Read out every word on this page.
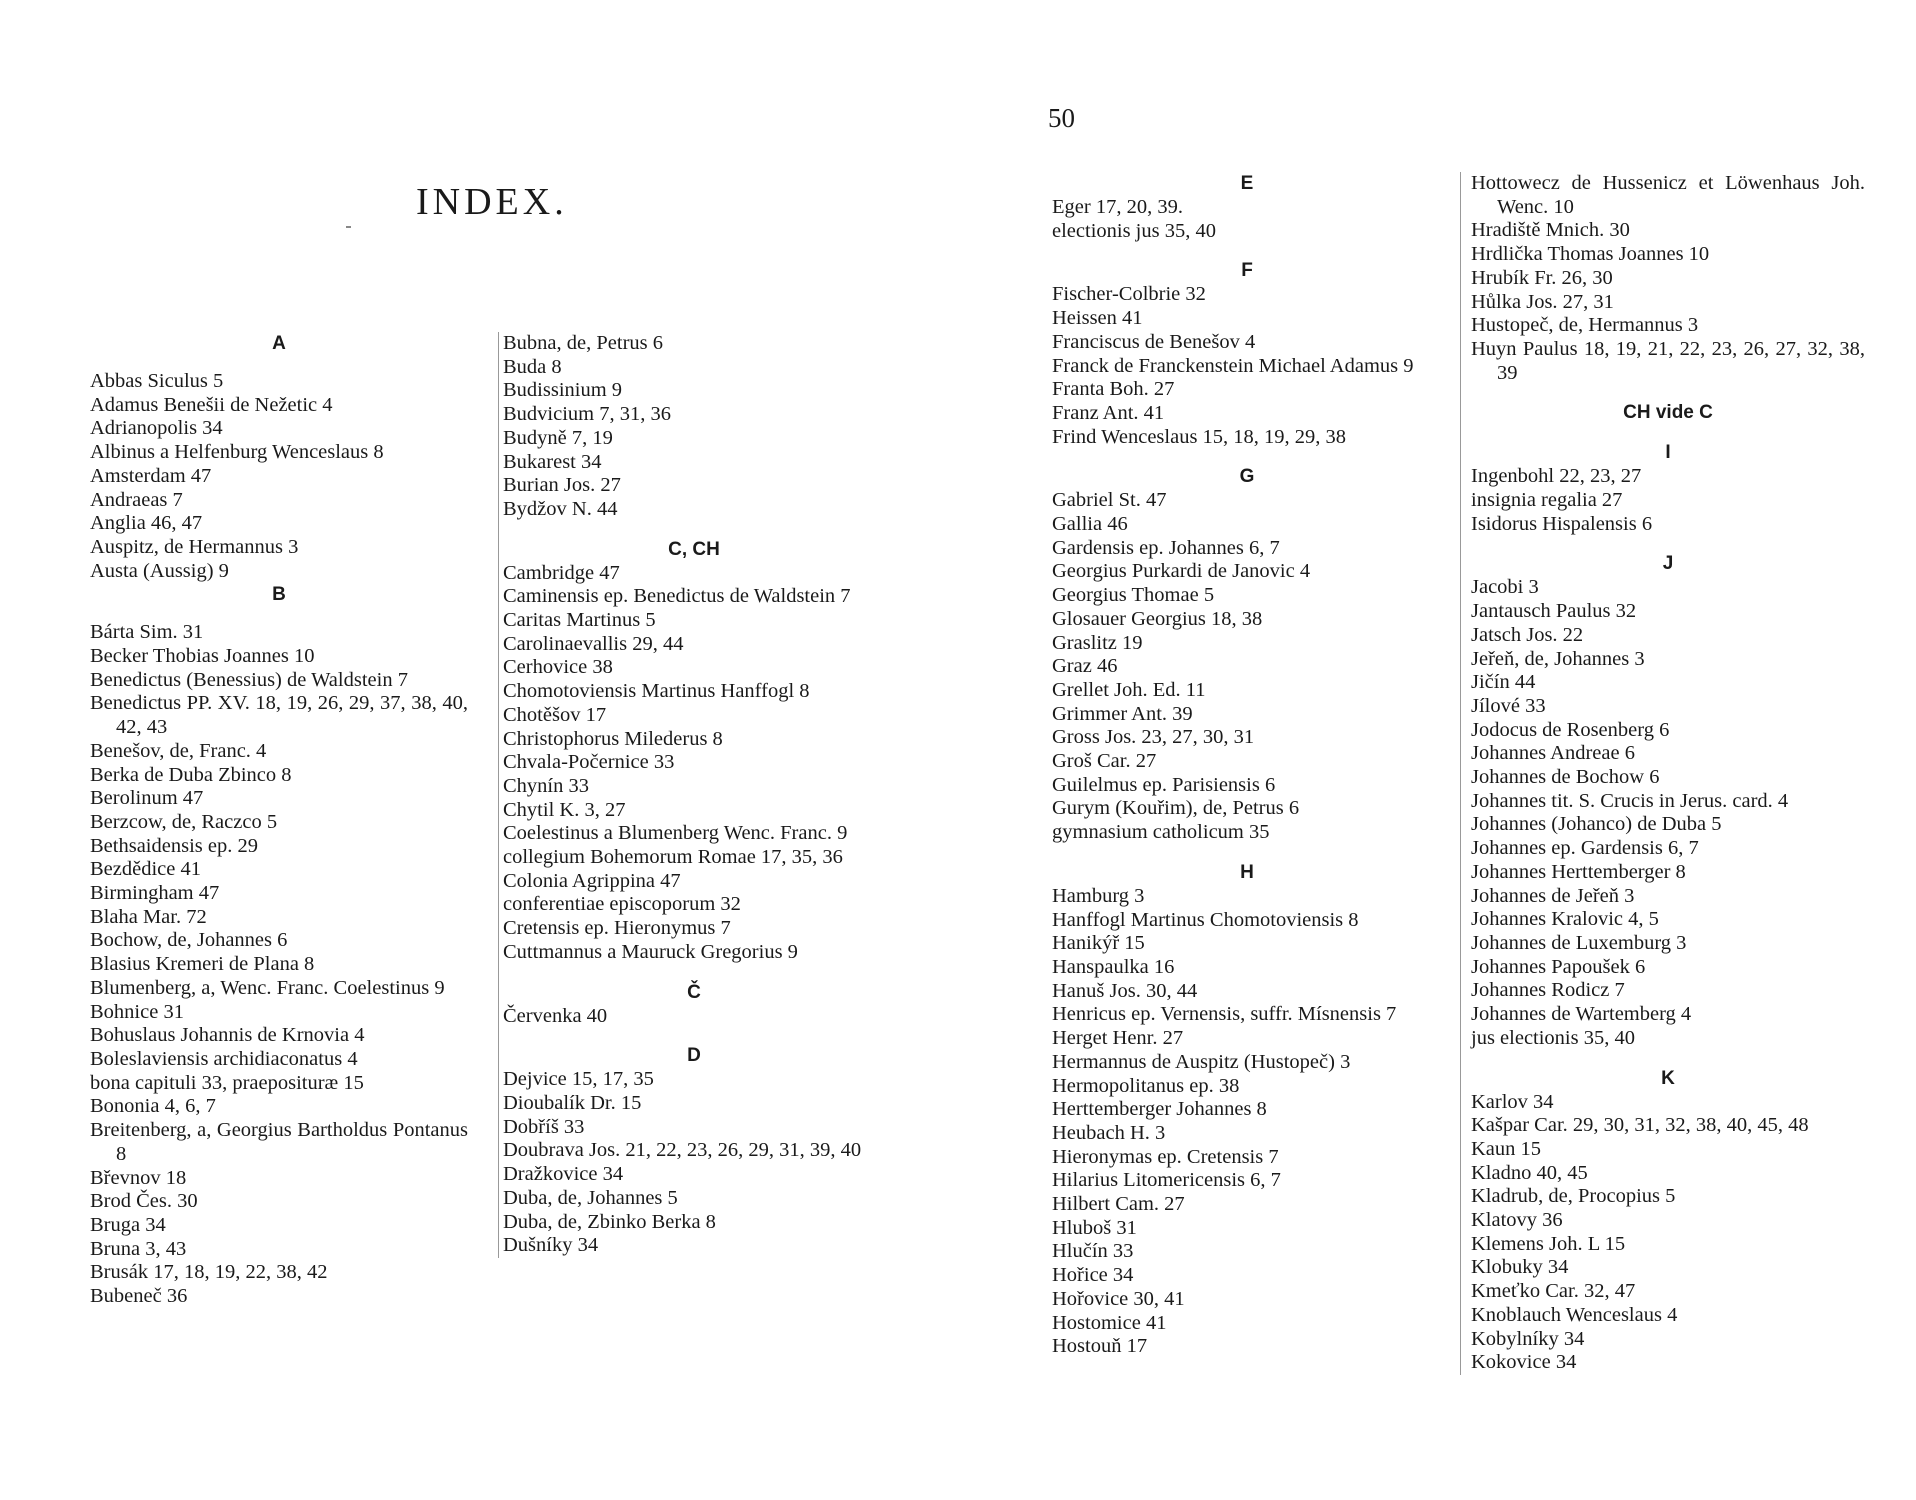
50
INDEX.
A
Abbas Siculus 5
Adamus Benešii de Nežetic 4
Adrianopolis 34
Albinus a Helfenburg Wenceslaus 8
Amsterdam 47
Andraeas 7
Anglia 46, 47
Auspitz, de Hermannus 3
Austa (Aussig) 9
B
Bárta Sim. 31
Becker Thobias Joannes 10
Benedictus (Benessius) de Waldstein 7
Benedictus PP. XV. 18, 19, 26, 29, 37, 38, 40, 42, 43
Benešov, de, Franc. 4
Berka de Duba Zbinco 8
Berolinum 47
Berzcow, de, Raczco 5
Bethsaidensis ep. 29
Bezdědice 41
Birmingham 47
Blaha Mar. 72
Bochow, de, Johannes 6
Blasius Kremeri de Plana 8
Blumenberg, a, Wenc. Franc. Coelestinus 9
Bohnice 31
Bohuslaus Johannis de Krnovia 4
Boleslaviensis archidiaconatus 4
bona capituli 33, praeposituræ 15
Bononia 4, 6, 7
Breitenberg, a, Georgius Bartholdus Pontanus 8
Břevnov 18
Brod Čes. 30
Bruga 34
Bruna 3, 43
Brusák 17, 18, 19, 22, 38, 42
Bubeneč 36
Bubna, de, Petrus 6
Buda 8
Budissinium 9
Budvicium 7, 31, 36
Budyně 7, 19
Bukarest 34
Burian Jos. 27
Bydžov N. 44
C, CH
Cambridge 47
Caminensis ep. Benedictus de Waldstein 7
Caritas Martinus 5
Carolinaevallis 29, 44
Cerhovice 38
Chomotoviensis Martinus Hanffogl 8
Chotěšov 17
Christophorus Milederus 8
Chvala-Počernice 33
Chynín 33
Chytil K. 3, 27
Coelestinus a Blumenberg Wenc. Franc. 9
collegium Bohemorum Romae 17, 35, 36
Colonia Agrippina 47
conferentiae episcoporum 32
Cretensis ep. Hieronymus 7
Cuttmannus a Mauruck Gregorius 9
Č
Červenka 40
D
Dejvice 15, 17, 35
Dioubalík Dr. 15
Dobříš 33
Doubrava Jos. 21, 22, 23, 26, 29, 31, 39, 40
Dražkovice 34
Duba, de, Johannes 5
Duba, de, Zbinko Berka 8
Dušníky 34
E
Eger 17, 20, 39.
electionis jus 35, 40
F
Fischer-Colbrie 32
Heissen 41
Franciscus de Benešov 4
Franck de Franckenstein Michael Adamus 9
Franta Boh. 27
Franz Ant. 41
Frind Wenceslaus 15, 18, 19, 29, 38
G
Gabriel St. 47
Gallia 46
Gardensis ep. Johannes 6, 7
Georgius Purkardi de Janovic 4
Georgius Thomae 5
Glosauer Georgius 18, 38
Graslitz 19
Graz 46
Grellet Joh. Ed. 11
Grimmer Ant. 39
Gross Jos. 23, 27, 30, 31
Groš Car. 27
Guilelmus ep. Parisiensis 6
Gurym (Kouřim), de, Petrus 6
gymnasium catholicum 35
H
Hamburg 3
Hanffogl Martinus Chomotoviensis 8
Hanikýř 15
Hanspaulka 16
Hanuš Jos. 30, 44
Henricus ep. Vernensis, suffr. Mísnensis 7
Herget Henr. 27
Hermannus de Auspitz (Hustopeč) 3
Hermopolitanus ep. 38
Herttemberger Johannes 8
Heubach H. 3
Hieronymas ep. Cretensis 7
Hilarius Litomericensis 6, 7
Hilbert Cam. 27
Hluboš 31
Hlučín 33
Hořice 34
Hořovice 30, 41
Hostomice 41
Hostouň 17
Hottowecz de Hussenicz et Löwenhaus Joh. Wenc. 10
Hradiště Mnich. 30
Hrdlička Thomas Joannes 10
Hrubík Fr. 26, 30
Hůlka Jos. 27, 31
Hustopeč, de, Hermannus 3
Huyn Paulus 18, 19, 21, 22, 23, 26, 27, 32, 38, 39
CH vide C
I
Ingenbohl 22, 23, 27
insignia regalia 27
Isidorus Hispalensis 6
J
Jacobi 3
Jantausch Paulus 32
Jatsch Jos. 22
Jeřeň, de, Johannes 3
Jičín 44
Jílové 33
Jodocus de Rosenberg 6
Johannes Andreae 6
Johannes de Bochow 6
Johannes tit. S. Crucis in Jerus. card. 4
Johannes (Johanco) de Duba 5
Johannes ep. Gardensis 6, 7
Johannes Herttemberger 8
Johannes de Jeřeň 3
Johannes Kralovic 4, 5
Johannes de Luxemburg 3
Johannes Papoušek 6
Johannes Rodicz 7
Johannes de Wartemberg 4
jus electionis 35, 40
K
Karlov 34
Kašpar Car. 29, 30, 31, 32, 38, 40, 45, 48
Kaun 15
Kladno 40, 45
Kladrub, de, Procopius 5
Klatovy 36
Klemens Joh. L 15
Klobuky 34
Kmeťko Car. 32, 47
Knoblauch Wenceslaus 4
Kobylníky 34
Kokovice 34
